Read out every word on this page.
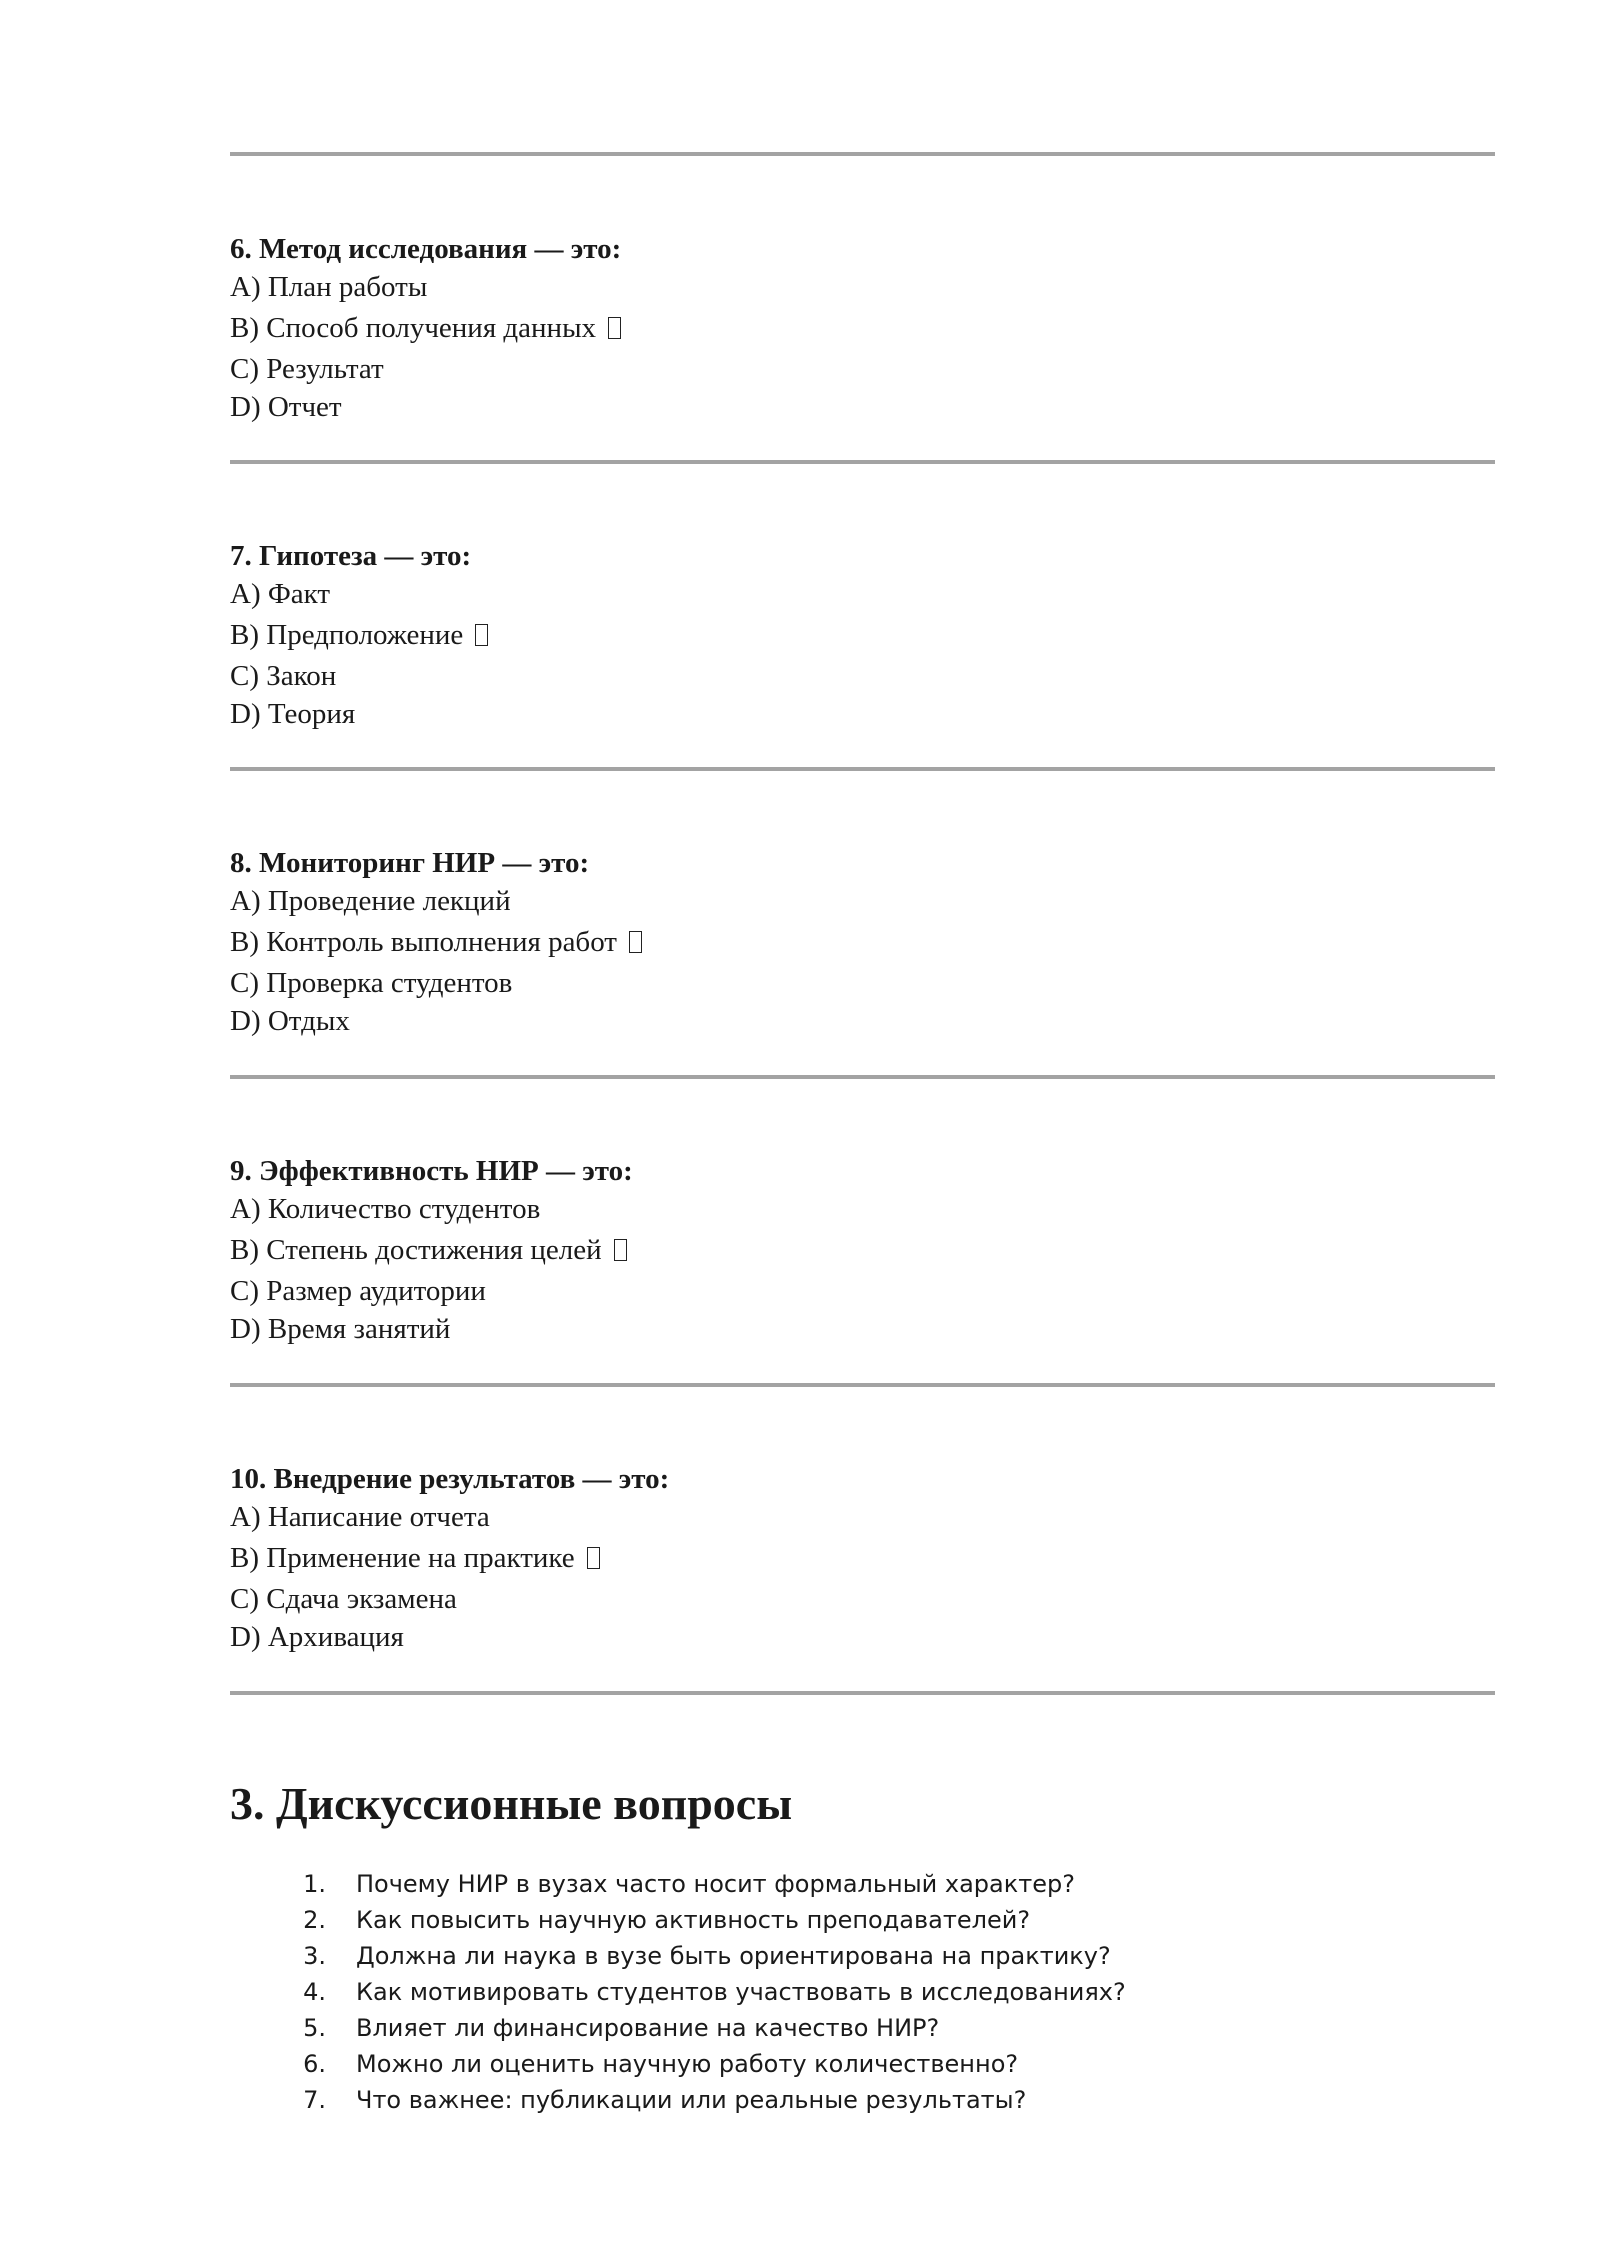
6. Метод исследования — это:

A) План работы

B) Способ получения данных

C) Результат

D) Отчет

7. Гипотеза — это:

A) Факт

B) Предположение

C) Закон

D) Теория

8. Мониторинг НИР — это:

A) Проведение лекций

B) Контроль выполнения работ

C) Проверка студентов

D) Отдых

9. Эффективность НИР — это:

A) Количество студентов

B) Степень достижения целей

C) Размер аудитории

D) Время занятий

10. Внедрение результатов — это:

A) Написание отчета

B) Применение на практике

C) Сдача экзамена

D) Архивация

3. Дискуссионные вопросы
1.	Почему НИР в вузах часто носит формальный характер?
2.	Как повысить научную активность преподавателей?
3.	Должна ли наука в вузе быть ориентирована на практику?
4.	Как мотивировать студентов участвовать в исследованиях?
5.	Влияет ли финансирование на качество НИР?
6.	Можно ли оценить научную работу количественно?
7.	Что важнее: публикации или реальные результаты?
